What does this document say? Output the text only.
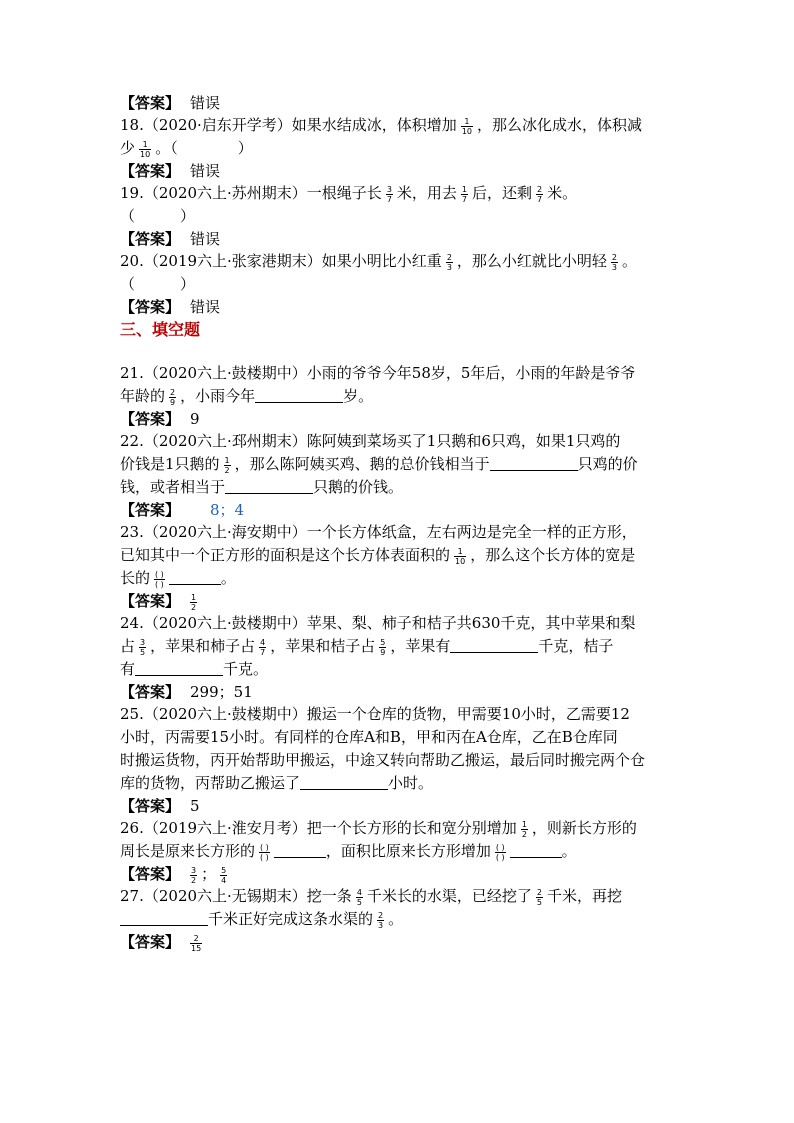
【答案】 错误
18.（2020·启东开学考）如果水结成冰，体积增加 $\frac{1}{10}$ ，那么冰化成水，体积减
少 $\frac{1}{10}$ 。（　　　　）
【答案】 错误
19.（2020六上·苏州期末）一根绳子长 $\frac{3}{7}$ 米，用去 $\frac{1}{7}$ 后，还剩 $\frac{2}{7}$ 米。
（　　　）
【答案】 错误
20.（2019六上·张家港期末）如果小明比小红重 $\frac{2}{3}$ ，那么小红就比小明轻 $\frac{2}{3}$ 。
（　　　）
【答案】 错误
三、填空题
21.（2020六上·鼓楼期中）小雨的爷爷今年58岁，5年后，小雨的年龄是爷爷
年龄的 $\frac{2}{9}$ ，小雨今年	岁。
【答案】 9
22.（2020六上·邳州期末）陈阿姨到菜场买了1只鹅和6只鸡，如果1只鸡的
价钱是1只鹅的 $\frac{1}{2}$ ，那么陈阿姨买鸡、鹅的总价钱相当于	只鸡的价
钱，或者相当于	只鹅的价钱。
【答案】 8；4
23.（2020六上·海安期中）一个长方体纸盒，左右两边是完全一样的正方形，
已知其中一个正方形的面积是这个长方体表面积的 $\frac{1}{10}$ ，那么这个长方体的宽是
长的 $\frac{( )}{( )}$	。
【答案】 $\frac{1}{2}$
24.（2020六上·鼓楼期中）苹果、梨、柿子和桔子共630千克，其中苹果和梨
占 $\frac{3}{5}$ ，苹果和柿子占 $\frac{4}{7}$ ，苹果和桔子占 $\frac{5}{9}$ ，苹果有	千克，桔子
有	千克。
【答案】 299；51
25.（2020六上·鼓楼期中）搬运一个仓库的货物，甲需要10小时，乙需要12
小时，丙需要15小时。有同样的仓库A和B，甲和丙在A仓库，乙在B仓库同
时搬运货物，丙开始帮助甲搬运，中途又转向帮助乙搬运，最后同时搬完两个仓
库的货物，丙帮助乙搬运了	小时。
【答案】 5
26.（2019六上·淮安月考）把一个长方形的长和宽分别增加 $\frac{1}{2}$ ，则新长方形的
周长是原来长方形的 $\frac{( )}{( )}$	，面积比原来长方形增加 $\frac{( )}{( )}$	。
【答案】 $\frac{3}{2}$ ； $\frac{5}{4}$
27.（2020六上·无锡期末）挖一条 $\frac{4}{5}$ 千米长的水渠，已经挖了 $\frac{2}{5}$ 千米，再挖
千米正好完成这条水渠的 $\frac{2}{3}$ 。
【答案】 $\frac{2}{15}$
